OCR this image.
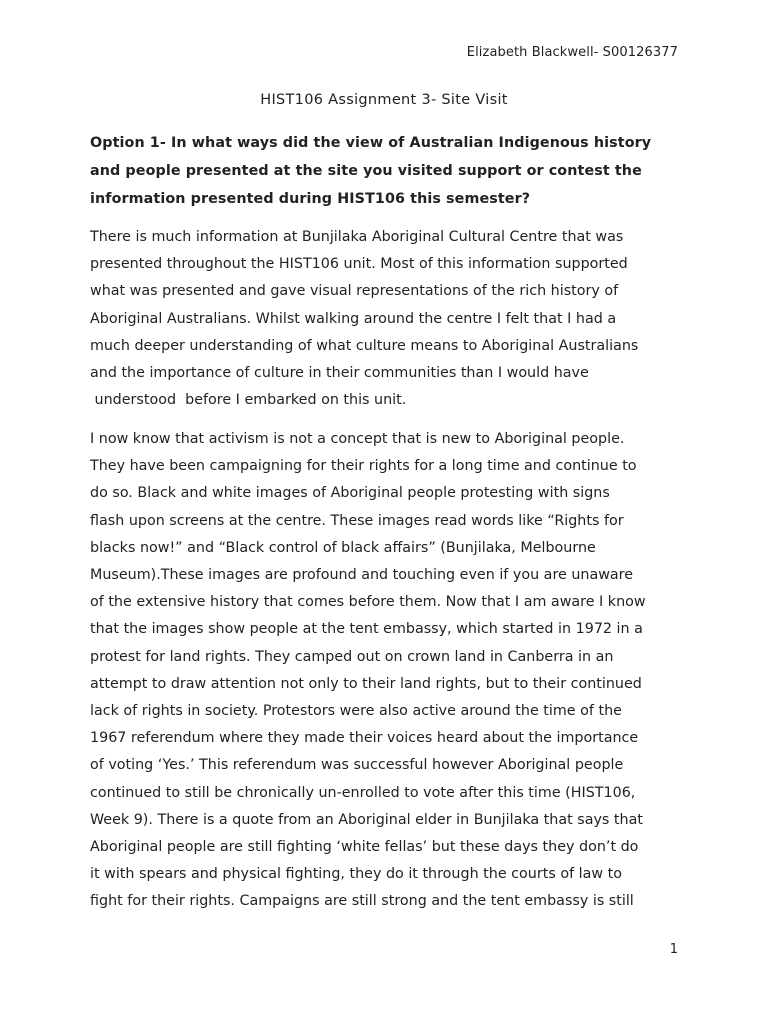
Elizabeth Blackwell- S00126377
HIST106 Assignment 3- Site Visit
Option 1- In what ways did the view of Australian Indigenous history
and people presented at the site you visited support or contest the
information presented during HIST106 this semester?
There is much information at Bunjilaka Aboriginal Cultural Centre that was
presented throughout the HIST106 unit. Most of this information supported
what was presented and gave visual representations of the rich history of
Aboriginal Australians. Whilst walking around the centre I felt that I had a
much deeper understanding of what culture means to Aboriginal Australians
and the importance of culture in their communities than I would have
understood  before I embarked on this unit.
I now know that activism is not a concept that is new to Aboriginal people.
They have been campaigning for their rights for a long time and continue to
do so. Black and white images of Aboriginal people protesting with signs
flash upon screens at the centre. These images read words like “Rights for
blacks now!” and “Black control of black affairs” (Bunjilaka, Melbourne
Museum).These images are profound and touching even if you are unaware
of the extensive history that comes before them. Now that I am aware I know
that the images show people at the tent embassy, which started in 1972 in a
protest for land rights. They camped out on crown land in Canberra in an
attempt to draw attention not only to their land rights, but to their continued
lack of rights in society. Protestors were also active around the time of the
1967 referendum where they made their voices heard about the importance
of voting ‘Yes.’ This referendum was successful however Aboriginal people
continued to still be chronically un-enrolled to vote after this time (HIST106,
Week 9). There is a quote from an Aboriginal elder in Bunjilaka that says that
Aboriginal people are still fighting ‘white fellas’ but these days they don’t do
it with spears and physical fighting, they do it through the courts of law to
fight for their rights. Campaigns are still strong and the tent embassy is still
1
